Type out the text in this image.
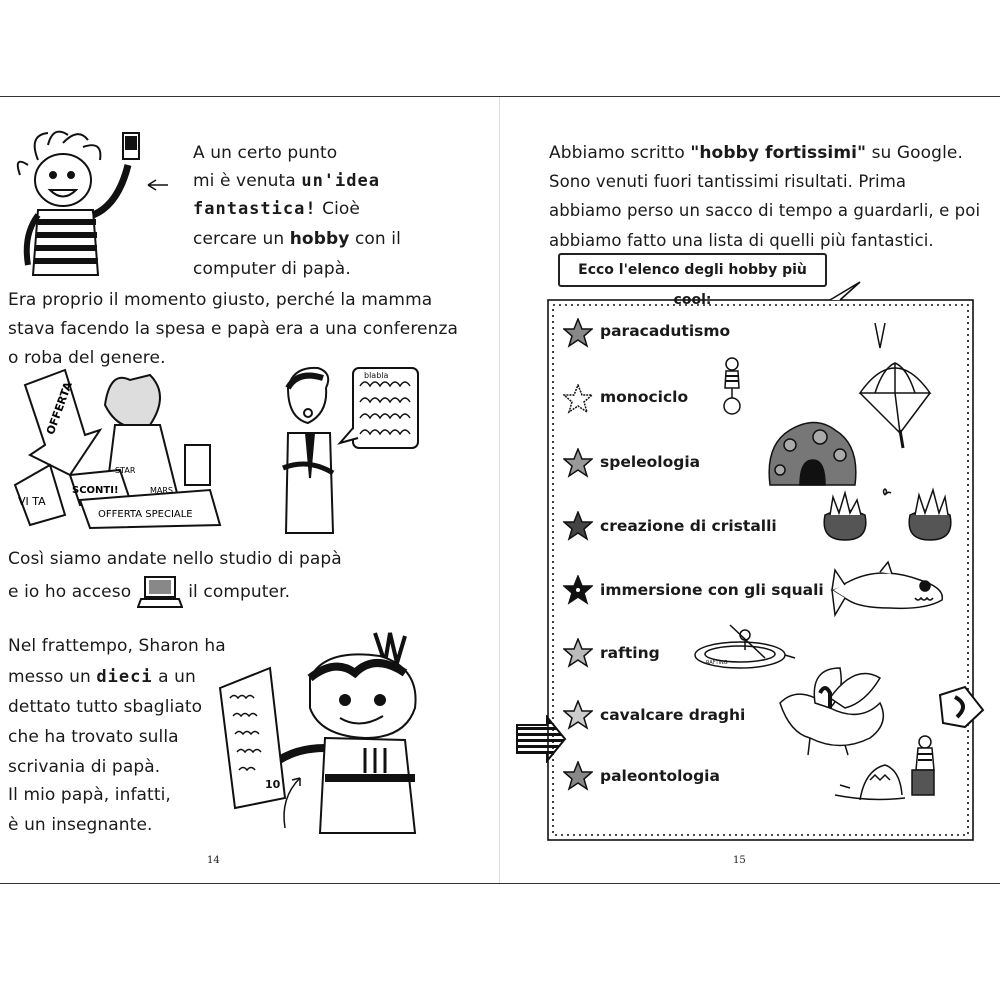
A un certo punto
mi è venuta un'idea
fantastica! Cioè
cercare un hobby con il
computer di papà.
Era proprio il momento giusto, perché la mamma
stava facendo la spesa e papà era a una conferenza
o roba del genere.
OFFERTA
VI TA
SCONTI!
OFFERTA SPECIALE
STAR
MARS
blabla
Così siamo andate nello studio di papà
e io ho acceso	il computer.
Nel frattempo, Sharon ha
messo un dieci a un
dettato tutto sbagliato
che ha trovato sulla
scrivania di papà.
Il mio papà, infatti,
è un insegnante.
10
14
Abbiamo scritto "hobby fortissimi" su Google.
Sono venuti fuori tantissimi risultati. Prima
abbiamo perso un sacco di tempo a guardarli, e poi
abbiamo fatto una lista di quelli più fantastici.
Ecco l'elenco degli hobby più cool:
paracadutismo
monociclo
speleologia
creazione di cristalli
immersione con gli squali
rafting
cavalcare draghi
paleontologia
RAFTING
15
